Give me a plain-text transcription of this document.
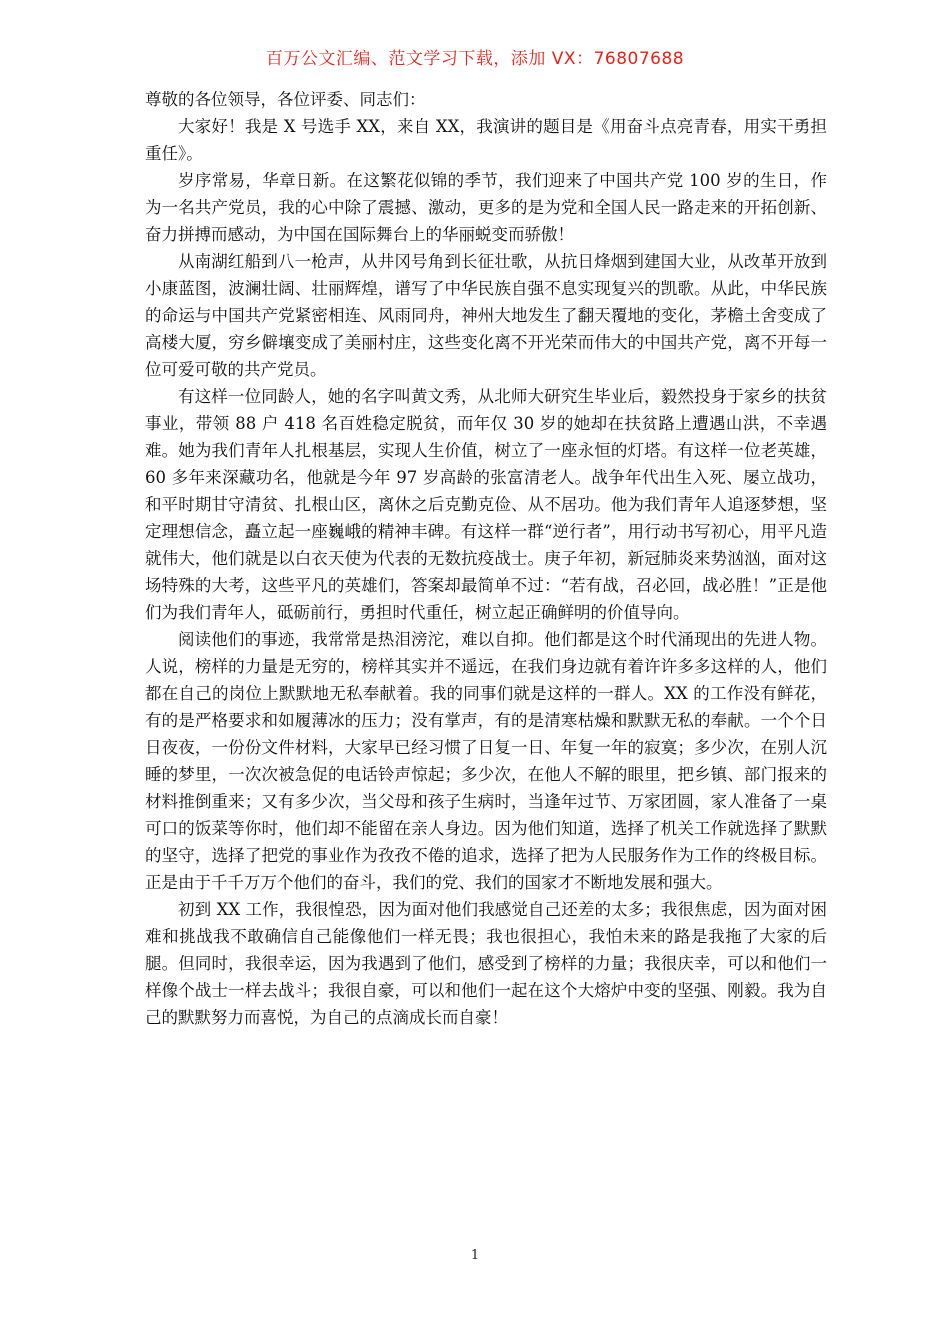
百万公文汇编、范文学习下载，添加 VX：76807688

尊敬的各位领导，各位评委、同志们：

大家好！我是 X 号选手 XX，来自 XX，我演讲的题目是《用奋斗点亮青春，用实干勇担重任》。

岁序常易，华章日新。在这繁花似锦的季节，我们迎来了中国共产党 100 岁的生日，作为一名共产党员，我的心中除了震撼、激动，更多的是为党和全国人民一路走来的开拓创新、奋力拼搏而感动，为中国在国际舞台上的华丽蜕变而骄傲！

从南湖红船到八一枪声，从井冈号角到长征壮歌，从抗日烽烟到建国大业，从改革开放到小康蓝图，波澜壮阔、壮丽辉煌，谱写了中华民族自强不息实现复兴的凯歌。从此，中华民族的命运与中国共产党紧密相连、风雨同舟，神州大地发生了翻天覆地的变化，茅檐土舍变成了高楼大厦，穷乡僻壤变成了美丽村庄，这些变化离不开光荣而伟大的中国共产党，离不开每一位可爱可敬的共产党员。

有这样一位同龄人，她的名字叫黄文秀，从北师大研究生毕业后，毅然投身于家乡的扶贫事业，带领 88 户 418 名百姓稳定脱贫，而年仅 30 岁的她却在扶贫路上遭遇山洪，不幸遇难。她为我们青年人扎根基层，实现人生价值，树立了一座永恒的灯塔。有这样一位老英雄，60 多年来深藏功名，他就是今年 97 岁高龄的张富清老人。战争年代出生入死、屡立战功，和平时期甘守清贫、扎根山区，离休之后克勤克俭、从不居功。他为我们青年人追逐梦想，坚定理想信念，矗立起一座巍峨的精神丰碑。有这样一群“逆行者”，用行动书写初心，用平凡造就伟大，他们就是以白衣天使为代表的无数抗疫战士。庚子年初，新冠肺炎来势汹汹，面对这场特殊的大考，这些平凡的英雄们，答案却最简单不过：“若有战，召必回，战必胜！”正是他们为我们青年人，砥砺前行，勇担时代重任，树立起正确鲜明的价值导向。

阅读他们的事迹，我常常是热泪滂沱，难以自抑。他们都是这个时代涌现出的先进人物。人说，榜样的力量是无穷的，榜样其实并不遥远，在我们身边就有着许许多多这样的人，他们都在自己的岗位上默默地无私奉献着。我的同事们就是这样的一群人。XX 的工作没有鲜花，有的是严格要求和如履薄冰的压力；没有掌声，有的是清寒枯燥和默默无私的奉献。一个个日日夜夜，一份份文件材料，大家早已经习惯了日复一日、年复一年的寂寞；多少次，在别人沉睡的梦里，一次次被急促的电话铃声惊起；多少次，在他人不解的眼里，把乡镇、部门报来的材料推倒重来；又有多少次，当父母和孩子生病时，当逢年过节、万家团圆，家人准备了一桌可口的饭菜等你时，他们却不能留在亲人身边。因为他们知道，选择了机关工作就选择了默默的坚守，选择了把党的事业作为孜孜不倦的追求，选择了把为人民服务作为工作的终极目标。正是由于千千万万个他们的奋斗，我们的党、我们的国家才不断地发展和强大。

初到 XX 工作，我很惶恐，因为面对他们我感觉自己还差的太多；我很焦虑，因为面对困难和挑战我不敢确信自己能像他们一样无畏；我也很担心，我怕未来的路是我拖了大家的后腿。但同时，我很幸运，因为我遇到了他们，感受到了榜样的力量；我很庆幸，可以和他们一样像个战士一样去战斗；我很自豪，可以和他们一起在这个大熔炉中变的坚强、刚毅。我为自己的默默努力而喜悦，为自己的点滴成长而自豪！

1
